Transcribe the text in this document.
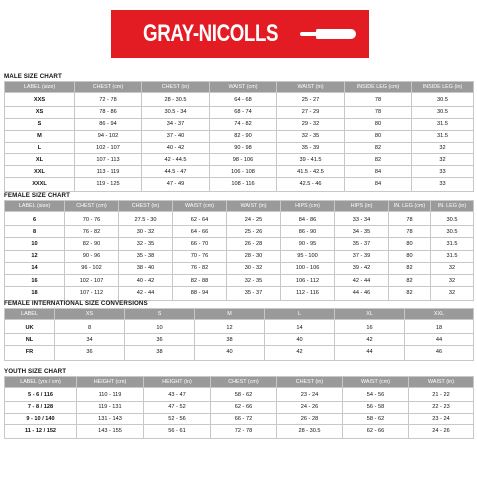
GRAY-NICOLLS
MALE SIZE CHART
LABEL (size)	CHEST (cm)	CHEST (in)	WAIST (cm)	WAIST (in)	INSIDE LEG (cm)	INSIDE LEG (in)
XXS	72 - 78	28 - 30.5	64 - 68	25 - 27	78	30.5
XS	78 - 86	30.5 - 34	68 - 74	27 - 29	78	30.5
S	86 - 94	34 - 37	74 - 82	29 - 32	80	31.5
M	94 - 102	37 - 40	82 - 90	32 - 35	80	31.5
L	102 - 107	40 - 42	90 - 98	35 - 39	82	32
XL	107 - 113	42 - 44.5	98 - 106	39 - 41.5	82	32
XXL	113 - 119	44.5 - 47	106 - 108	41.5 - 42.5	84	33
XXXL	119 - 125	47 - 49	108 - 116	42.5 - 46	84	33
FEMALE SIZE CHART
LABEL (size)	CHEST (cm)	CHEST (in)	WAIST (cm)	WAIST (in)	HIPS (cm)	HIPS (in)	IN. LEG (cm)	IN. LEG (in)
6	70 - 76	27.5 - 30	62 - 64	24 - 25	84 - 86	33 - 34	78	30.5
8	76 - 82	30 - 32	64 - 66	25 - 26	86 - 90	34 - 35	78	30.5
10	82 - 90	32 - 35	66 - 70	26 - 28	90 - 95	35 - 37	80	31.5
12	90 - 96	35 - 38	70 - 76	28 - 30	95 - 100	37 - 39	80	31.5
14	96 - 102	38 - 40	76 - 82	30 - 32	100 - 106	39 - 42	82	32
16	102 - 107	40 - 42	82 - 88	32 - 35	106 - 112	42 - 44	82	32
18	107 - 112	42 - 44	88 - 94	35 - 37	112 - 116	44 - 46	82	32
FEMALE INTERNATIONAL SIZE CONVERSIONS
LABEL	XS	S	M	L	XL	XXL
UK	8	10	12	14	16	18
NL	34	36	38	40	42	44
FR	36	38	40	42	44	46
YOUTH SIZE CHART
LABEL (yrs / cm)	HEIGHT (cm)	HEIGHT (in)	CHEST (cm)	CHEST (in)	WAIST (cm)	WAIST (in)
5 - 6 / 116	110 - 119	43 - 47	58 - 62	23 - 24	54 - 56	21 - 22
7 - 8 / 128	119 - 131	47 - 52	62 - 66	24 - 26	56 - 58	22 - 23
9 - 10 / 140	131 - 143	52 - 56	66 - 72	26 - 28	58 - 62	23 - 24
11 - 12 / 152	143 - 155	56 - 61	72 - 78	28 - 30.5	62 - 66	24 - 26
